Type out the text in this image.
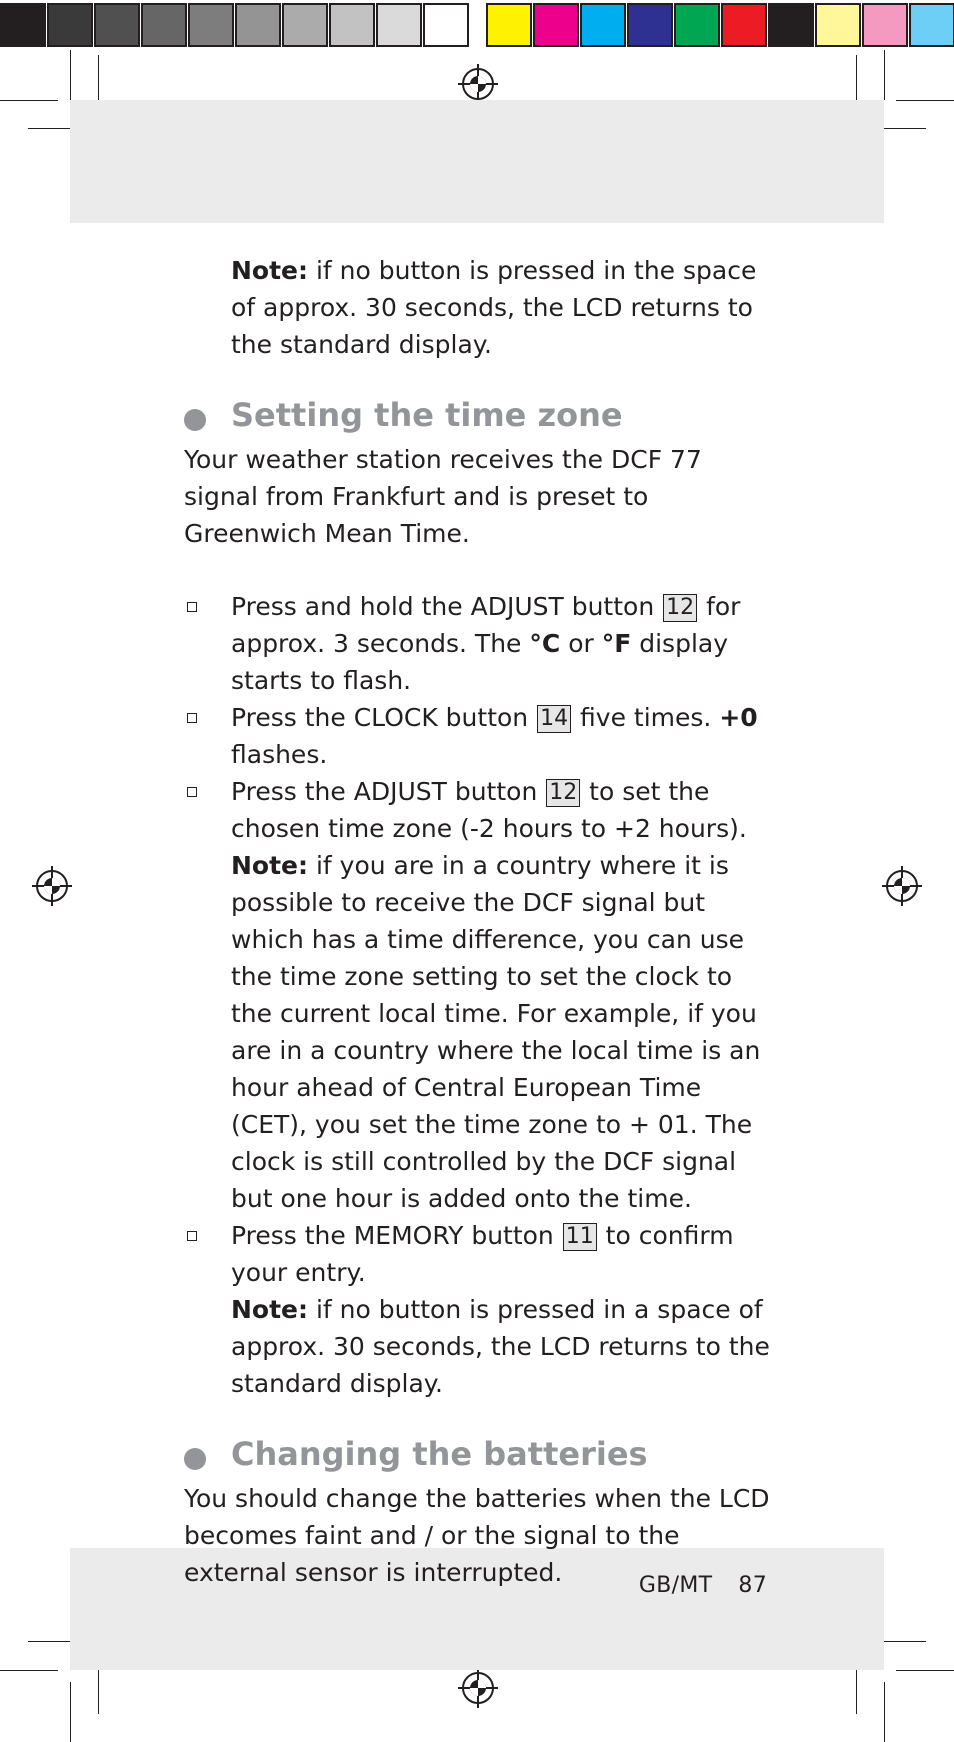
GB/MT 87

Note: if no button is pressed in the space of approx. 30 seconds, the LCD returns to the standard display.

Setting the time zone

Your weather station receives the DCF 77 signal from Frankfurt and is preset to Greenwich Mean Time.

Press and hold the ADJUST button 12 for approx. 3 seconds. The °C or °F display starts to flash.
Press the CLOCK button 14 five times. +0 flashes.
Press the ADJUST button 12 to set the chosen time zone (-2 hours to +2 hours).
Note: if you are in a country where it is possible to receive the DCF signal but which has a time difference, you can use the time zone setting to set the clock to the current local time. For example, if you are in a country where the local time is an hour ahead of Central European Time (CET), you set the time zone to + 01. The clock is still controlled by the DCF signal but one hour is added onto the time.
Press the MEMORY button 11 to confirm your entry.
Note: if no button is pressed in a space of approx. 30 seconds, the LCD returns to the standard display.
Changing the batteries

You should change the batteries when the LCD becomes faint and / or the signal to the external sensor is interrupted.
